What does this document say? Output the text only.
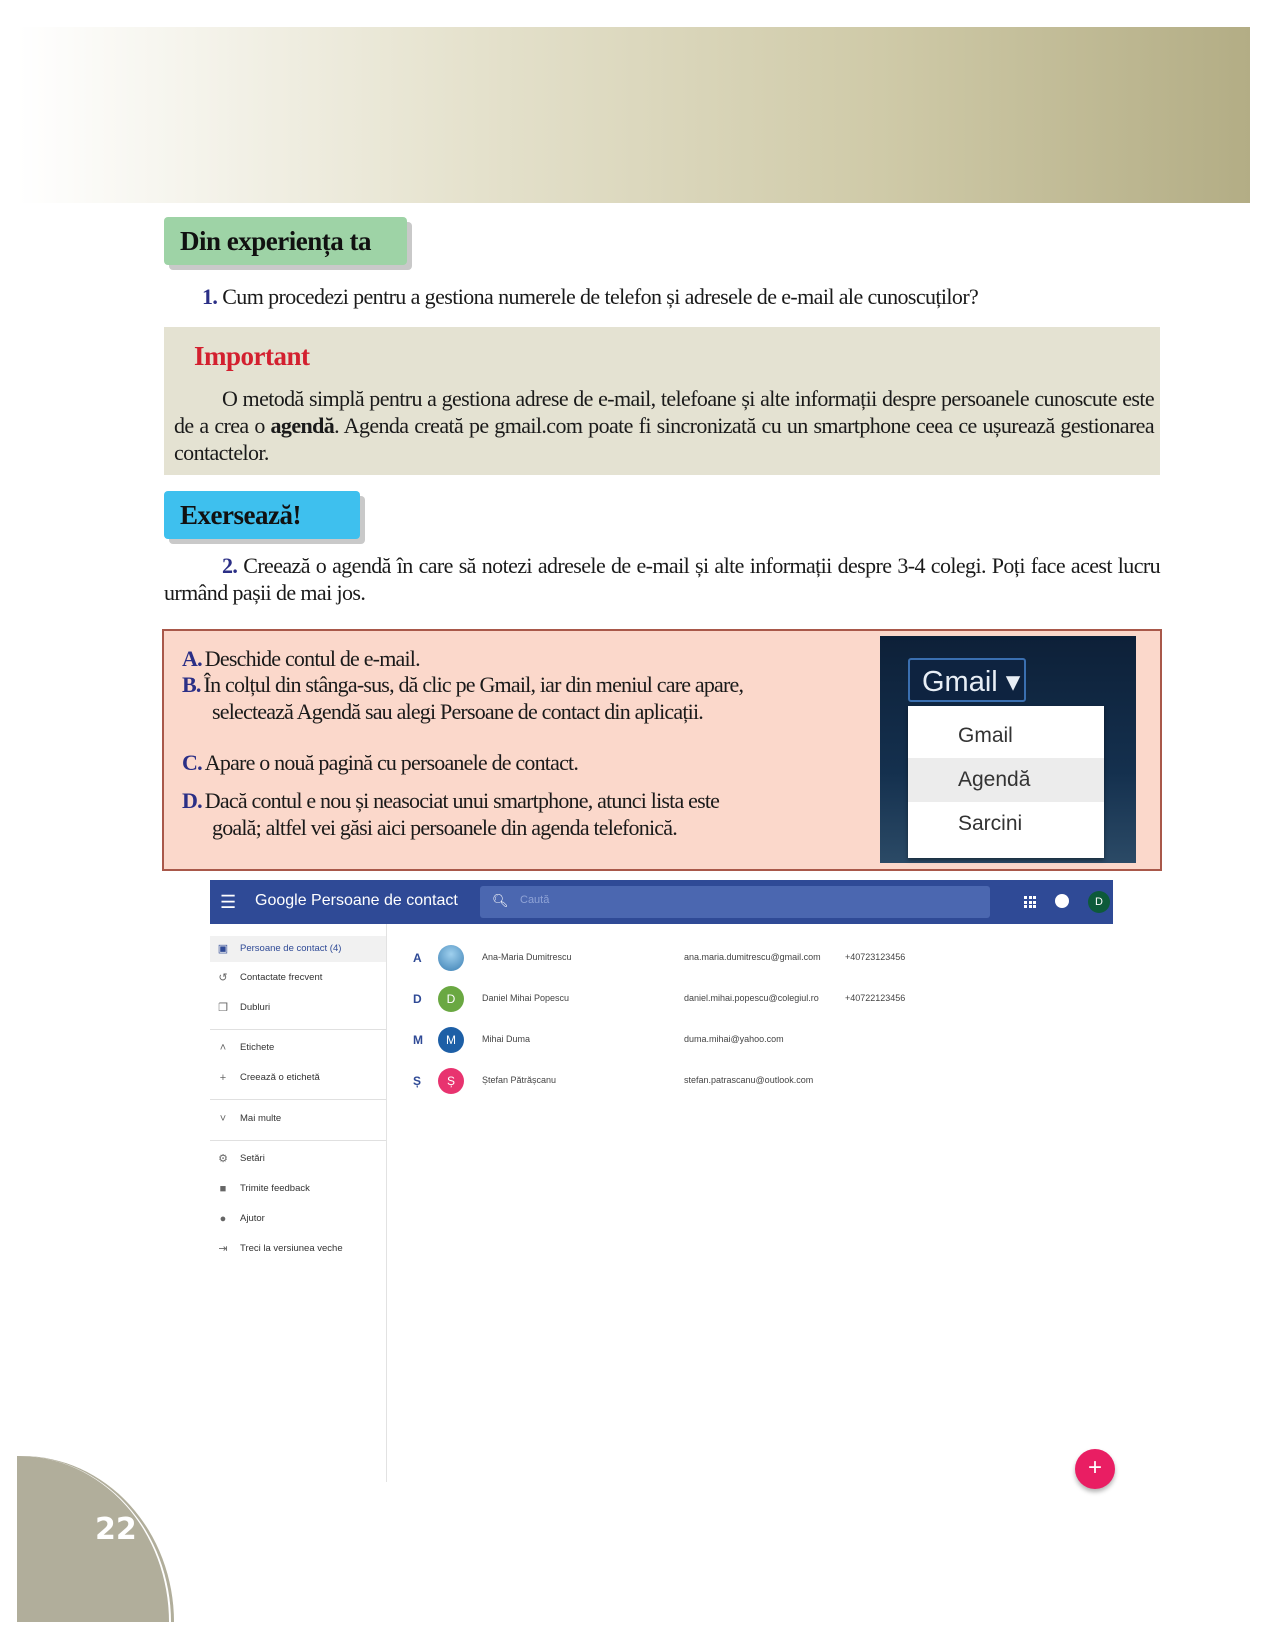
Din experiența ta
1. Cum procedezi pentru a gestiona numerele de telefon și adresele de e-mail ale cunoscuților?
Important
O metodă simplă pentru a gestiona adrese de e-mail, telefoane și alte informații despre persoanele cunoscute este de a crea o agendă. Agenda creată pe gmail.com poate fi sincronizată cu un smartphone ceea ce ușurează gestionarea contactelor.
Exersează!
2. Creează o agendă în care să notezi adresele de e-mail și alte informații despre 3-4 colegi. Poți face acest lucru urmând pașii de mai jos.
A. Deschide contul de e-mail.
B. În colțul din stânga-sus, dă clic pe Gmail, iar din meniul care apare,
selectează Agendă sau alegi Persoane de contact din aplicații.
C. Apare o nouă pagină cu persoanele de contact.
D. Dacă contul e nou și neasociat unui smartphone, atunci lista este
goală; altfel vei găsi aici persoanele din agenda telefonică.
Gmail ▾
Gmail
Agendă
Sarcini
☰ Google Persoane de contact	🔍︎ Caută	D
▣ Persoane de contact (4)
↺ Contactate frecvent
❐ Dubluri
˄	Etichete
+	Creează o etichetă
˅	Mai multe
⚙ Setări
■	Trimite feedback
●	Ajutor
⇥ Treci la versiunea veche
A	Ana-Maria Dumitrescu	ana.maria.dumitrescu@gmail.com	+40723123456
D	D	Daniel Mihai Popescu	daniel.mihai.popescu@colegiul.ro	+40722123456
M	M	Mihai Duma	duma.mihai@yahoo.com
Ș	Ș	Ștefan Pătrășcanu	stefan.patrascanu@outlook.com
+
22
